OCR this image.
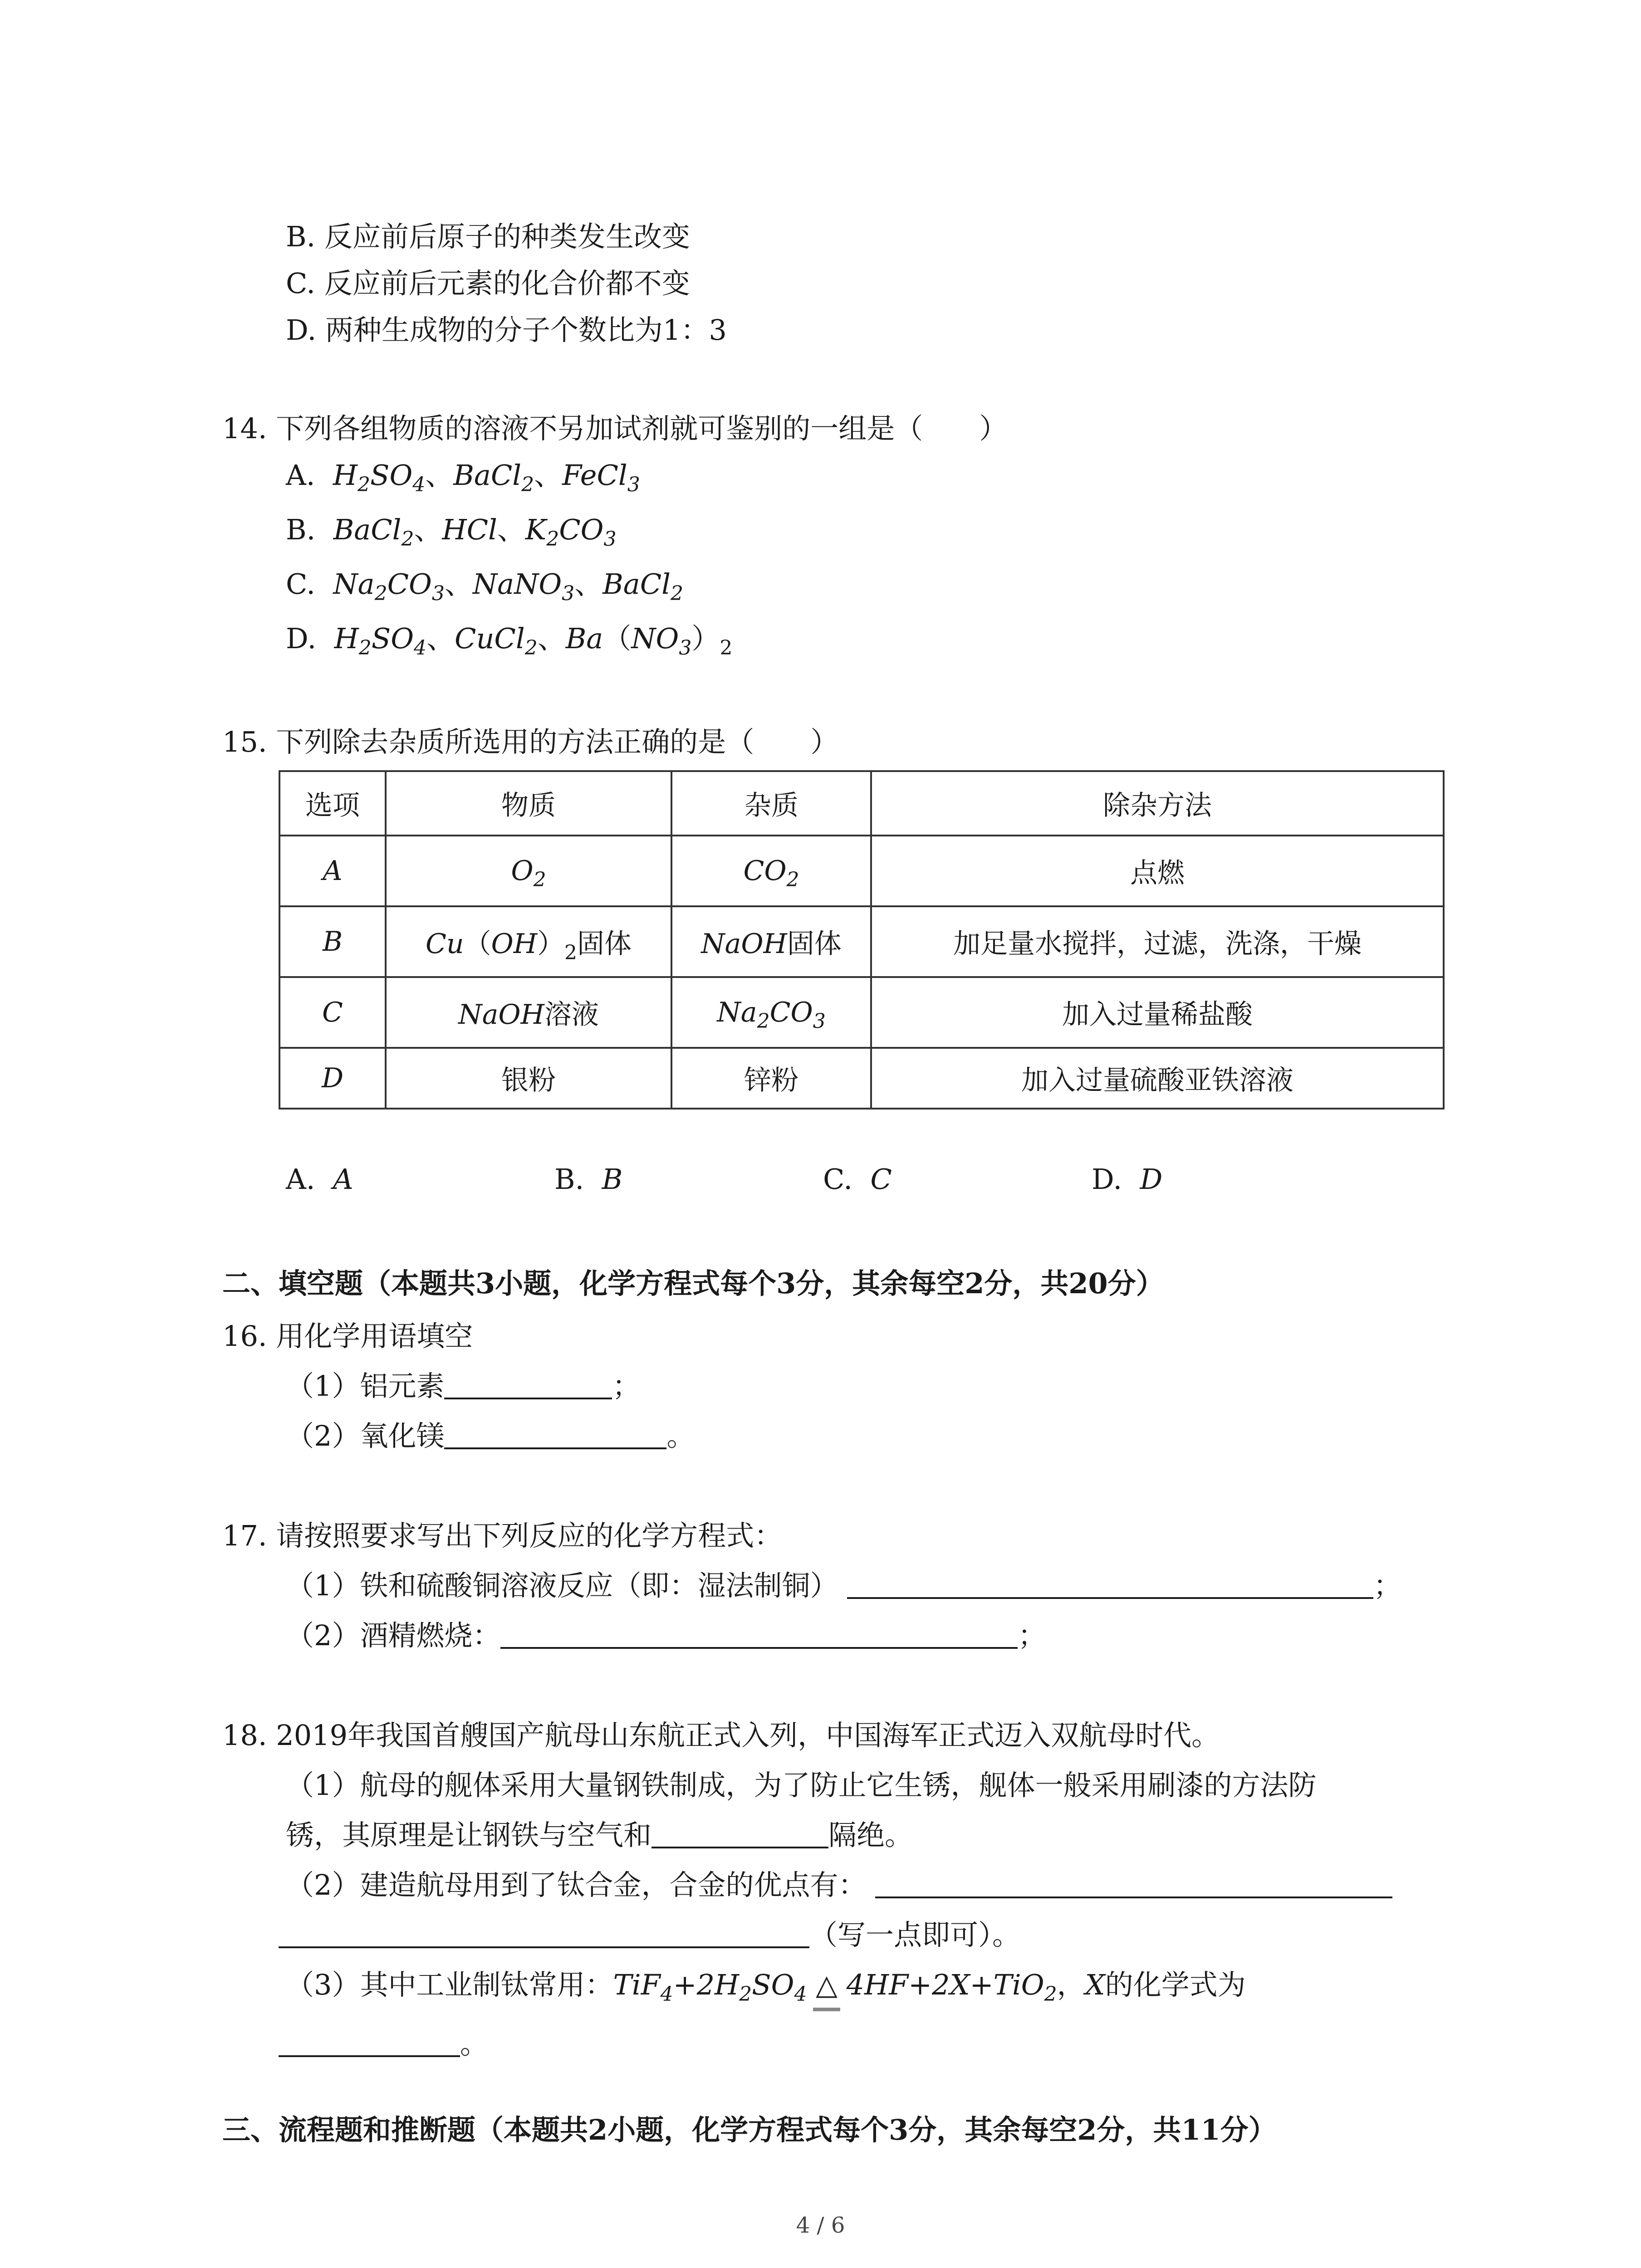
B. 反应前后原子的种类发生改变
C. 反应前后元素的化合价都不变
D. 两种生成物的分子个数比为1：3
14. 下列各组物质的溶液不另加试剂就可鉴别的一组是（　　）
A. $H_2SO_4$、BaCl$_2$、FeCl$_3$
B. BaCl$_2$、HCl、$K_2CO_3$
C. $Na_2CO_3$、NaNO$_3$、BaCl$_2$
D. $H_2SO_4$、CuCl$_2$、$Ba(NO_3)_2$
15. 下列除去杂质所选用的方法正确的是（　　）
选项	物质	杂质	除杂方法
A	$O_2$	$CO_2$	点燃
B	$Cu(OH)_2$固体	NaOH固体	加足量水搅拌，过滤，洗涤，干燥
C	NaOH溶液	$Na_2CO_3$	加入过量稀盐酸
D	银粉	锌粉	加入过量硫酸亚铁溶液
A. A	B. B	C. C	D. D
二、填空题（本题共3小题，化学方程式每个3分，其余每空2分，共20分）
16. 用化学用语填空
（1）铝元素	；
（2）氧化镁	。
17. 请按照要求写出下列反应的化学方程式：
（1）铁和硫酸铜溶液反应（即：湿法制铜）	；
（2）酒精燃烧：	；
18. 2019年我国首艘国产航母山东航正式入列，中国海军正式迈入双航母时代。
（1）航母的舰体采用大量钢铁制成，为了防止它生锈，舰体一般采用刷漆的方法防
锈，其原理是让钢铁与空气和	隔绝。
（2）建造航母用到了钛合金，合金的优点有：
（写一点即可）。
（3）其中工业制钛常用：$TiF_4+2H_2SO_4$ △ 4HF+2X+TiO$_2$，X的化学式为
。
三、流程题和推断题（本题共2小题，化学方程式每个3分，其余每空2分，共11分）
4 / 6
